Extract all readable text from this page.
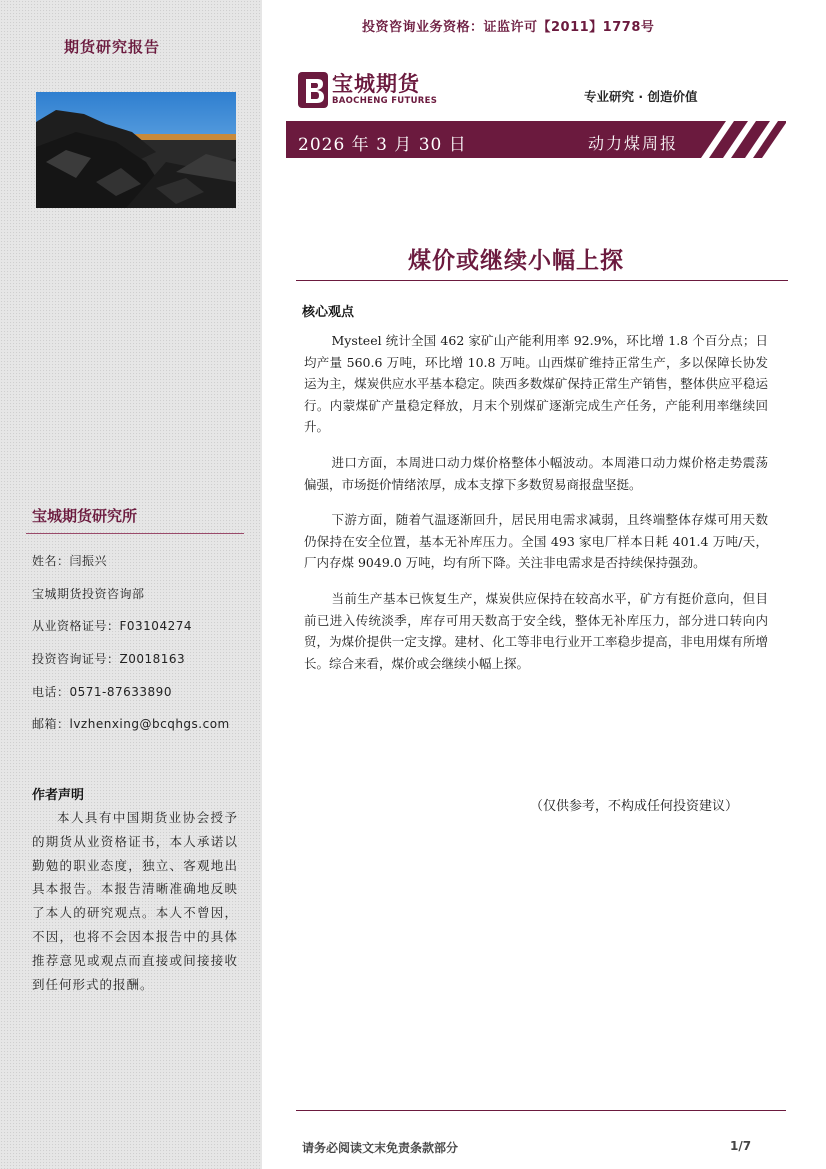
期货研究报告
宝城期货研究所
姓名：闫振兴
宝城期货投资咨询部
从业资格证号：F03104274
投资咨询证号：Z0018163
电话：0571-87633890
邮箱：lvzhenxing@bcqhgs.com
作者声明
本人具有中国期货业协会授予的期货从业资格证书，本人承诺以勤勉的职业态度，独立、客观地出具本报告。本报告清晰准确地反映了本人的研究观点。本人不曾因，不因，也将不会因本报告中的具体推荐意见或观点而直接或间接接收到任何形式的报酬。
投资咨询业务资格：证监许可【2011】1778号
宝城期货
BAOCHENG FUTURES	专业研究 · 创造价值
2026 年 3 月 30 日	动力煤周报
煤价或继续小幅上探
核心观点

Mysteel 统计全国 462 家矿山产能利用率 92.9%，环比增 1.8 个百分点；日均产量 560.6 万吨，环比增 10.8 万吨。山西煤矿维持正常生产，多以保障长协发运为主，煤炭供应水平基本稳定。陕西多数煤矿保持正常生产销售，整体供应平稳运行。内蒙煤矿产量稳定释放，月末个别煤矿逐渐完成生产任务，产能利用率继续回升。

进口方面，本周进口动力煤价格整体小幅波动。本周港口动力煤价格走势震荡偏强，市场挺价情绪浓厚，成本支撑下多数贸易商报盘坚挺。

下游方面，随着气温逐渐回升，居民用电需求减弱，且终端整体存煤可用天数仍保持在安全位置，基本无补库压力。全国 493 家电厂样本日耗 401.4 万吨/天，厂内存煤 9049.0 万吨，均有所下降。关注非电需求是否持续保持强劲。

当前生产基本已恢复生产，煤炭供应保持在较高水平，矿方有挺价意向，但目前已进入传统淡季，库存可用天数高于安全线，整体无补库压力，部分进口转向内贸，为煤价提供一定支撑。建材、化工等非电行业开工率稳步提高，非电用煤有所增长。综合来看，煤价或会继续小幅上探。

（仅供参考，不构成任何投资建议）
请务必阅读文末免责条款部分	1/7
